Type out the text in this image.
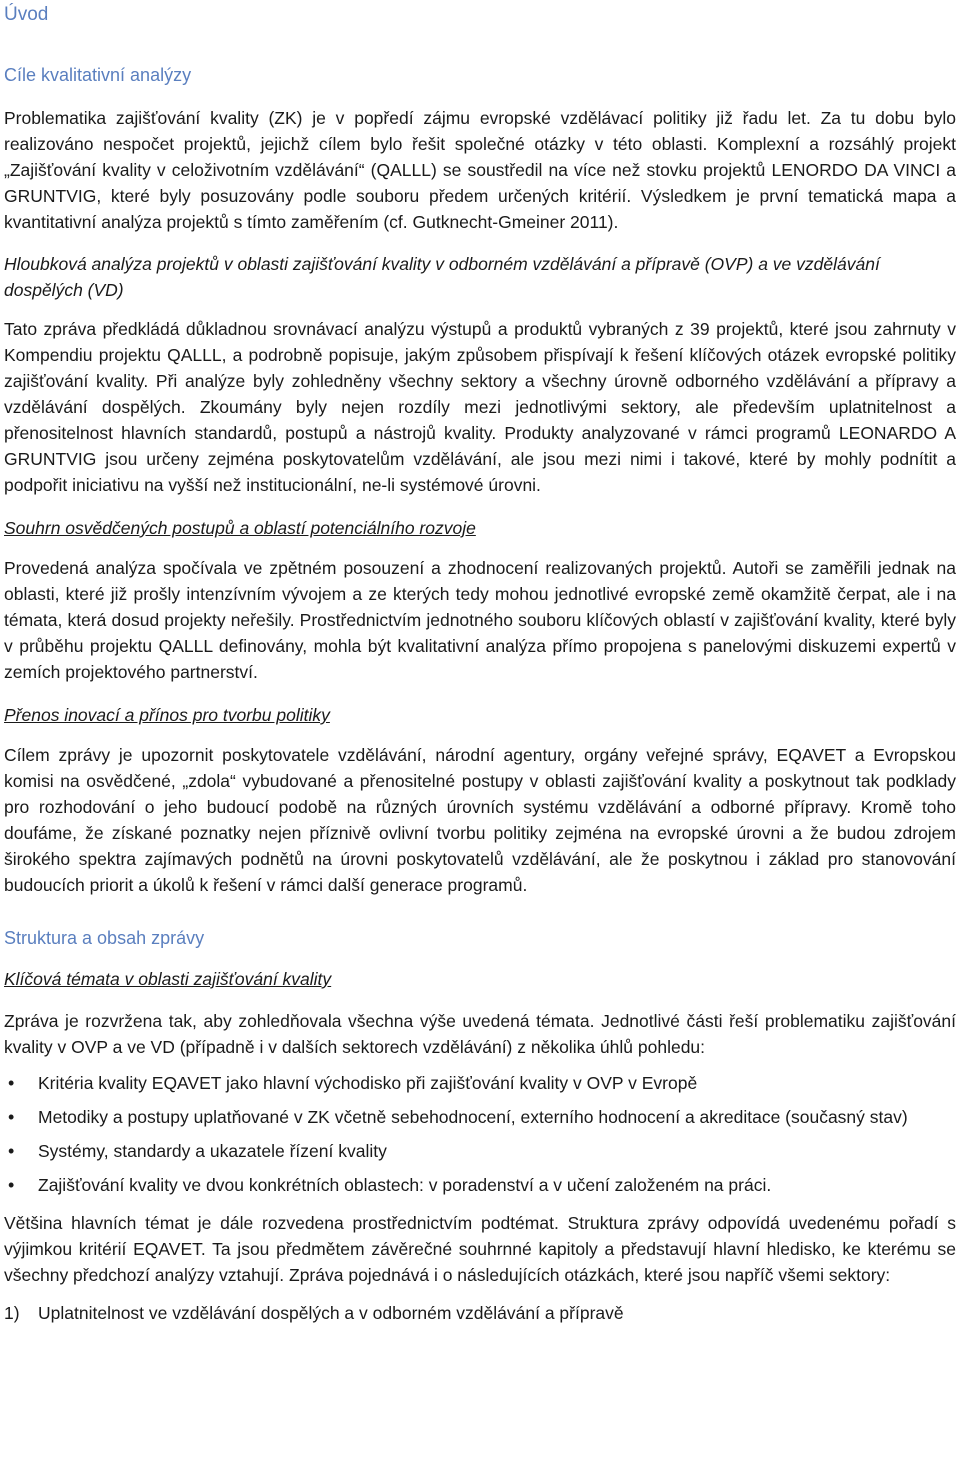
Úvod
Cíle kvalitativní analýzy

Problematika zajišťování kvality (ZK) je v popředí zájmu evropské vzdělávací politiky již řadu let. Za tu dobu bylo realizováno nespočet projektů, jejichž cílem bylo řešit společné otázky v této oblasti. Komplexní a rozsáhlý projekt „Zajišťování kvality v celoživotním vzdělávání“ (QALLL) se soustředil na více než stovku projektů LENORDO DA VINCI a GRUNTVIG, které byly posuzovány podle souboru předem určených kritérií. Výsledkem je první tematická mapa a kvantitativní analýza projektů s tímto zaměřením (cf. Gutknecht-Gmeiner 2011).

Hloubková analýza projektů v oblasti zajišťování kvality v odborném vzdělávání a přípravě (OVP) a ve vzdělávání dospělých (VD)

Tato zpráva předkládá důkladnou srovnávací analýzu výstupů a produktů vybraných z 39 projektů, které jsou zahrnuty v Kompendiu projektu QALLL, a podrobně popisuje, jakým způsobem přispívají k řešení klíčových otázek evropské politiky zajišťování kvality. Při analýze byly zohledněny všechny sektory a všechny úrovně odborného vzdělávání a přípravy a vzdělávání dospělých. Zkoumány byly nejen rozdíly mezi jednotlivými sektory, ale především uplatnitelnost a přenositelnost hlavních standardů, postupů a nástrojů kvality. Produkty analyzované v rámci programů LEONARDO A GRUNTVIG jsou určeny zejména poskytovatelům vzdělávání, ale jsou mezi nimi i takové, které by mohly podnítit a podpořit iniciativu na vyšší než institucionální, ne-li systémové úrovni.

Souhrn osvědčených postupů a oblastí potenciálního rozvoje

Provedená analýza spočívala ve zpětném posouzení a zhodnocení realizovaných projektů. Autoři se zaměřili jednak na oblasti, které již prošly intenzívním vývojem a ze kterých tedy mohou jednotlivé evropské země okamžitě čerpat, ale i na témata, která dosud projekty neřešily. Prostřednictvím jednotného souboru klíčových oblastí v zajišťování kvality, které byly v průběhu projektu QALLL definovány, mohla být kvalitativní analýza přímo propojena s panelovými diskuzemi expertů v zemích projektového partnerství.

Přenos inovací a přínos pro tvorbu politiky

Cílem zprávy je upozornit poskytovatele vzdělávání, národní agentury, orgány veřejné správy, EQAVET a Evropskou komisi na osvědčené, „zdola“ vybudované a přenositelné postupy v oblasti zajišťování kvality a poskytnout tak podklady pro rozhodování o jeho budoucí podobě na různých úrovních systému vzdělávání a odborné přípravy. Kromě toho doufáme, že získané poznatky nejen příznivě ovlivní tvorbu politiky zejména na evropské úrovni a že budou zdrojem širokého spektra zajímavých podnětů na úrovni poskytovatelů vzdělávání, ale že poskytnou i základ pro stanovování budoucích priorit a úkolů k řešení v rámci další generace programů.

Struktura a obsah zprávy

Klíčová témata v oblasti zajišťování kvality

Zpráva je rozvržena tak, aby zohledňovala všechna výše uvedená témata. Jednotlivé části řeší problematiku zajišťování kvality v OVP a ve VD (případně i v dalších sektorech vzdělávání) z několika úhlů pohledu:

• Kritéria kvality EQAVET jako hlavní východisko při zajišťování kvality v OVP v Evropě
• Metodiky a postupy uplatňované v ZK včetně sebehodnocení, externího hodnocení a akreditace (současný stav)
• Systémy, standardy a ukazatele řízení kvality
• Zajišťování kvality ve dvou konkrétních oblastech: v poradenství a v učení založeném na práci.

Většina hlavních témat je dále rozvedena prostřednictvím podtémat. Struktura zprávy odpovídá uvedenému pořadí s výjimkou kritérií EQAVET. Ta jsou předmětem závěrečné souhrnné kapitoly a představují hlavní hledisko, ke kterému se všechny předchozí analýzy vztahují. Zpráva pojednává i o následujících otázkách, které jsou napříč všemi sektory:

1) Uplatnitelnost ve vzdělávání dospělých a v odborném vzdělávání a přípravě
